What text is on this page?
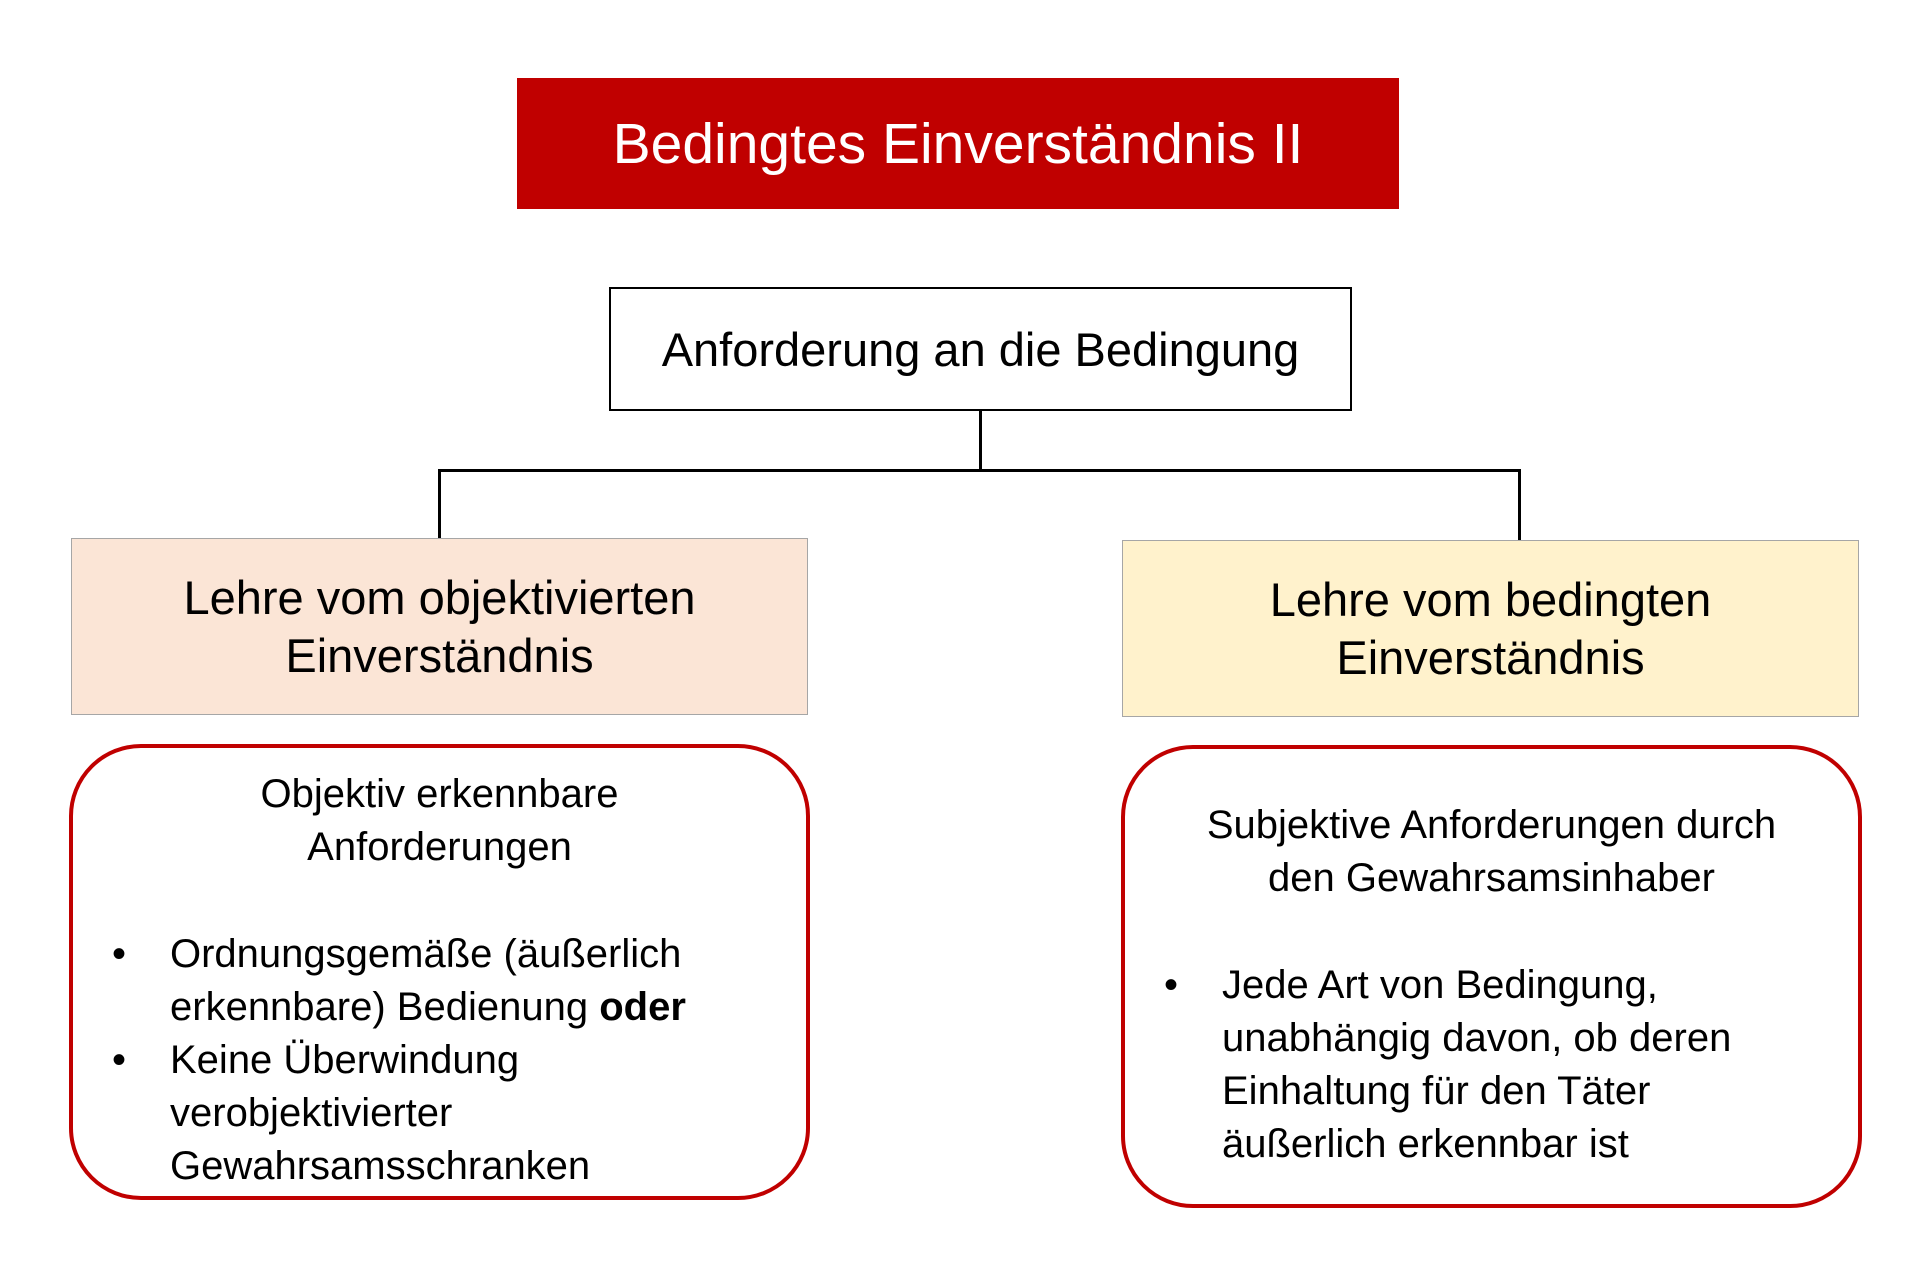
Bedingtes Einverständnis II
Anforderung an die Bedingung
Lehre vom objektivierten
Einverständnis
Lehre vom bedingten
Einverständnis
Objektiv erkennbare
Anforderungen
• Ordnungsgemäße (äußerlich
erkennbare) Bedienung oder
• Keine Überwindung
verobjektivierter
Gewahrsamsschranken
Subjektive Anforderungen durch
den Gewahrsamsinhaber
• Jede Art von Bedingung,
unabhängig davon, ob deren
Einhaltung für den Täter
äußerlich erkennbar ist
